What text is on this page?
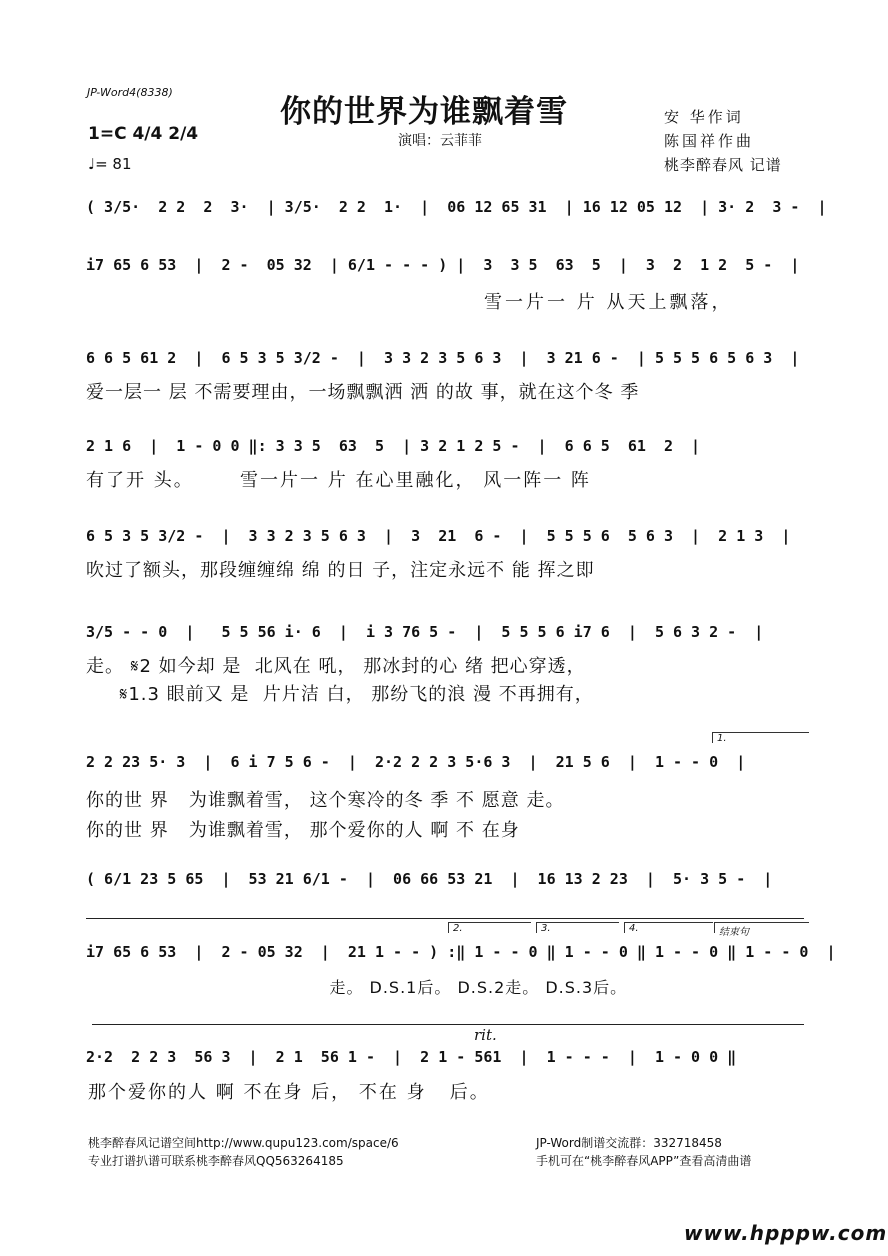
JP-Word4(8338)
你的世界为谁飘着雪
1=C 4/4 2/4
♩= 81
演唱：云菲菲
安 华作词
陈国祥作曲
桃李醉春风 记谱
( 3/5·  2 2  2  3·  | 3/5·  2 2  1·  |  06 12 65 31  | 16 12 05 12  | 3· 2  3 -  |
i7 65 6 53  |  2 -  05 32  | 6/1 - - - ) |  3  3 5  63  5  |  3  2  1 2  5 -  |
雪一片一 片 从天上飘落，
6 6 5 61 2  |  6 5 3 5 3/2 -  |  3 3 2 3 5 6 3  |  3 21 6 -  | 5 5 5 6 5 6 3  |
爱一层一 层 不需要理由，一场飘飘洒 洒 的故 事，就在这个冬 季
2 1 6  |  1 - 0 0 ‖: 3 3 5  63  5  | 3 2 1 2 5 -  |  6 6 5  61  2  |
有了开 头。      雪一片一 片 在心里融化， 风一阵一 阵
6 5 3 5 3/2 -  |  3 3 2 3 5 6 3  |  3  21  6 -  |  5 5 5 6  5 6 3  |  2 1 3  |
吹过了额头，那段缠缠绵 绵 的日 子，注定永远不 能 挥之即
3/5 - - 0  |   5 5 56 i· 6  |  i 3 76 5 -  |  5 5 5 6 i7 6  |  5 6 3 2 -  |
走。 𝄋2 如今却 是  北风在 吼， 那冰封的心 绪 把心穿透，
𝄋1.3 眼前又 是  片片洁 白， 那纷飞的浪 漫 不再拥有，
1.
2 2 23 5· 3  |  6 i 7 5 6 -  |  2·2 2 2 3 5·6 3  |  21 5 6  |  1 - - 0  |
你的世 界   为谁飘着雪， 这个寒冷的冬 季 不 愿意 走。
你的世 界   为谁飘着雪， 那个爱你的人 啊 不 在身
( 6/1 23 5 65  |  53 21 6/1 -  |  06 66 53 21  |  16 13 2 23  |  5· 3 5 -  |
2.	3.	4.	结束句
i7 65 6 53  |  2 - 05 32  |  21 1 - - ) :‖ 1 - - 0 ‖ 1 - - 0 ‖ 1 - - 0 ‖ 1 - - 0  |
走。 D.S.1后。 D.S.2走。 D.S.3后。
rit.
2·2  2 2 3  56 3  |  2 1  56 1 -  |  2 1 - 561  |  1 - - -  |  1 - 0 0 ‖
那个爱你的人 啊 不在身 后， 不在 身   后。
桃李醉春风记谱空间http://www.qupu123.com/space/6
专业打谱扒谱可联系桃李醉春风QQ563264185
JP-Word制谱交流群：332718458
手机可在“桃李醉春风APP”查看高清曲谱
www.hpppw.com
